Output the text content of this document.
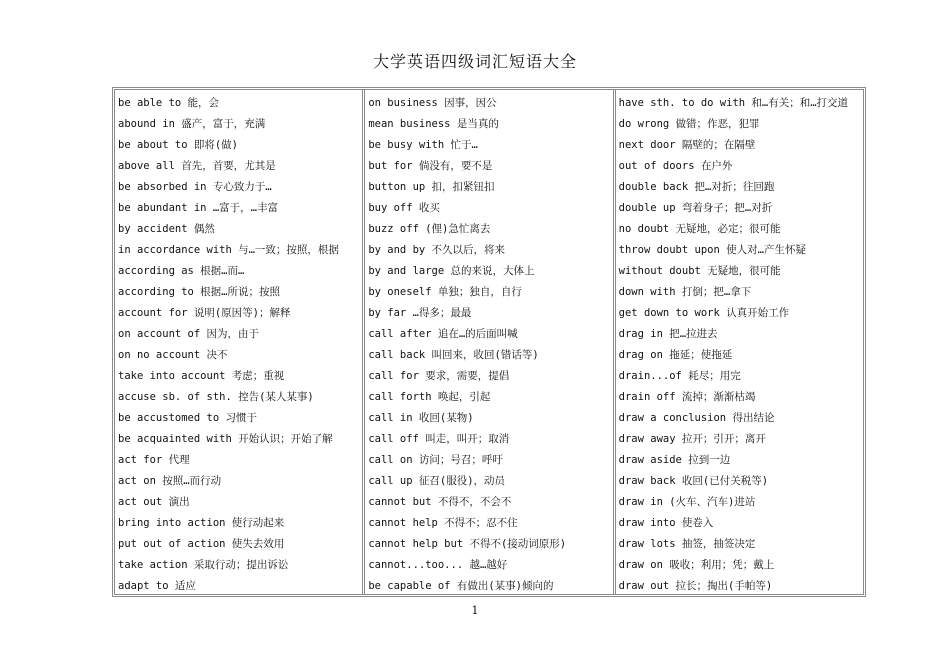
大学英语四级词汇短语大全
be able to 能，会
abound in 盛产，富于，充满
be about to 即将(做)
above all 首先，首要，尤其是
be absorbed in 专心致力于…
be abundant in …富于，…丰富
by accident 偶然
in accordance with 与…一致；按照，根据
according as 根据…而…
according to 根据…所说；按照
account for 说明(原因等)；解释
on account of 因为，由于
on no account 决不
take into account 考虑；重视
accuse sb. of sth. 控告(某人某事)
be accustomed to 习惯于
be acquainted with 开始认识；开始了解
act for 代理
act on 按照…而行动
act out 演出
bring into action 使行动起来
put out of action 使失去效用
take action 采取行动；提出诉讼
adapt to 适应
on business 因事，因公
mean business 是当真的
be busy with 忙于…
but for 倘没有，要不是
button up 扣，扣紧钮扣
buy off 收买
buzz off (俚)急忙离去
by and by 不久以后，将来
by and large 总的来说，大体上
by oneself 单独；独自，自行
by far …得多；最最
call after 追在…的后面叫喊
call back 叫回来，收回(错话等)
call for 要求，需要，提倡
call forth 唤起，引起
call in 收回(某物)
call off 叫走，叫开；取消
call on 访问；号召；呼吁
call up 征召(服役)，动员
cannot but 不得不，不会不
cannot help 不得不；忍不住
cannot help but 不得不(接动词原形)
cannot...too... 越…越好
be capable of 有做出(某事)倾向的
have sth. to do with 和…有关；和…打交道
do wrong 做错；作恶，犯罪
next door 隔壁的；在隔壁
out of doors 在户外
double back 把…对折；往回跑
double up 弯着身子；把…对折
no doubt 无疑地，必定；很可能
throw doubt upon 使人对…产生怀疑
without doubt 无疑地，很可能
down with 打倒；把…拿下
get down to work 认真开始工作
drag in 把…拉进去
drag on 拖延；使拖延
drain...of 耗尽；用完
drain off 流掉；渐渐枯竭
draw a conclusion 得出结论
draw away 拉开；引开；离开
draw aside 拉到一边
draw back 收回(已付关税等)
draw in (火车、汽车)进站
draw into 使卷入
draw lots 抽签，抽签决定
draw on 吸收；利用；凭；戴上
draw out 拉长；掏出(手帕等)
1
